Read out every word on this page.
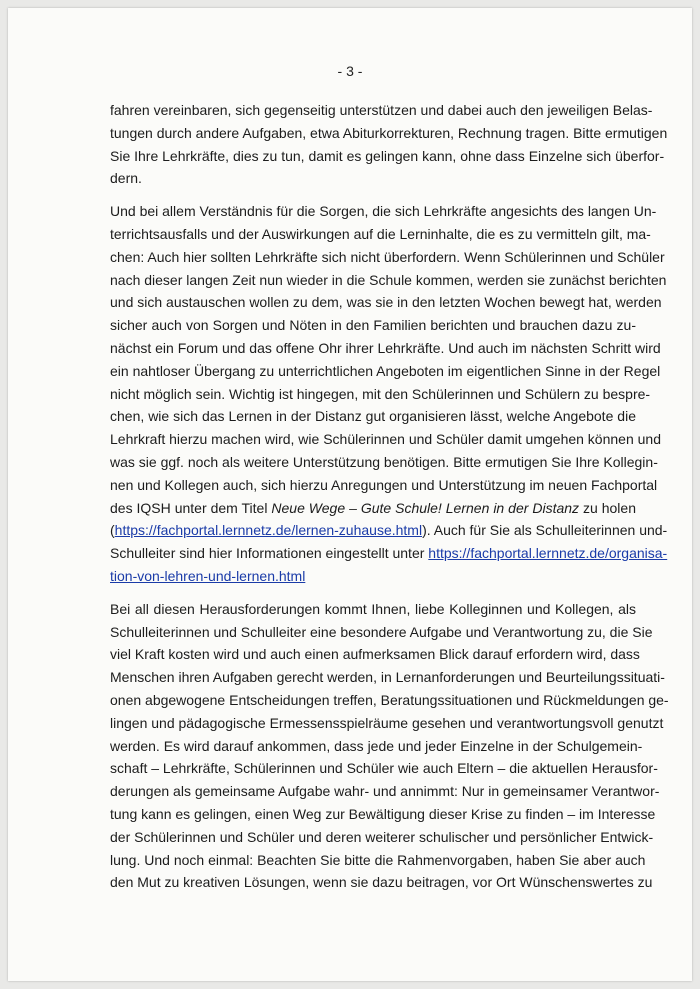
- 3 -
fahren vereinbaren, sich gegenseitig unterstützen und dabei auch den jeweiligen Belas-
tungen durch andere Aufgaben, etwa Abiturkorrekturen, Rechnung tragen. Bitte ermutigen
Sie Ihre Lehrkräfte, dies zu tun, damit es gelingen kann, ohne dass Einzelne sich überfor-
dern.
Und bei allem Verständnis für die Sorgen, die sich Lehrkräfte angesichts des langen Un-
terrichtsausfalls und der Auswirkungen auf die Lerninhalte, die es zu vermitteln gilt, ma-
chen: Auch hier sollten Lehrkräfte sich nicht überfordern. Wenn Schülerinnen und Schüler
nach dieser langen Zeit nun wieder in die Schule kommen, werden sie zunächst berichten
und sich austauschen wollen zu dem, was sie in den letzten Wochen bewegt hat, werden
sicher auch von Sorgen und Nöten in den Familien berichten und brauchen dazu zu-
nächst ein Forum und das offene Ohr ihrer Lehrkräfte. Und auch im nächsten Schritt wird
ein nahtloser Übergang zu unterrichtlichen Angeboten im eigentlichen Sinne in der Regel
nicht möglich sein. Wichtig ist hingegen, mit den Schülerinnen und Schülern zu bespre-
chen, wie sich das Lernen in der Distanz gut organisieren lässt, welche Angebote die
Lehrkraft hierzu machen wird, wie Schülerinnen und Schüler damit umgehen können und
was sie ggf. noch als weitere Unterstützung benötigen. Bitte ermutigen Sie Ihre Kollegin-
nen und Kollegen auch, sich hierzu Anregungen und Unterstützung im neuen Fachportal
des IQSH unter dem Titel Neue Wege – Gute Schule! Lernen in der Distanz zu holen
(https://fachportal.lernnetz.de/lernen-zuhause.html). Auch für Sie als Schulleiterinnen und-
Schulleiter sind hier Informationen eingestellt unter https://fachportal.lernnetz.de/organisa-
tion-von-lehren-und-lernen.html
Bei all diesen Herausforderungen kommt Ihnen, liebe Kolleginnen und Kollegen, als
Schulleiterinnen und Schulleiter eine besondere Aufgabe und Verantwortung zu, die Sie
viel Kraft kosten wird und auch einen aufmerksamen Blick darauf erfordern wird, dass
Menschen ihren Aufgaben gerecht werden, in Lernanforderungen und Beurteilungssituati-
onen abgewogene Entscheidungen treffen, Beratungssituationen und Rückmeldungen ge-
lingen und pädagogische Ermessensspielräume gesehen und verantwortungsvoll genutzt
werden. Es wird darauf ankommen, dass jede und jeder Einzelne in der Schulgemein-
schaft – Lehrkräfte, Schülerinnen und Schüler wie auch Eltern – die aktuellen Herausfor-
derungen als gemeinsame Aufgabe wahr- und annimmt: Nur in gemeinsamer Verantwor-
tung kann es gelingen, einen Weg zur Bewältigung dieser Krise zu finden – im Interesse
der Schülerinnen und Schüler und deren weiterer schulischer und persönlicher Entwick-
lung. Und noch einmal: Beachten Sie bitte die Rahmenvorgaben, haben Sie aber auch
den Mut zu kreativen Lösungen, wenn sie dazu beitragen, vor Ort Wünschenswertes zu
